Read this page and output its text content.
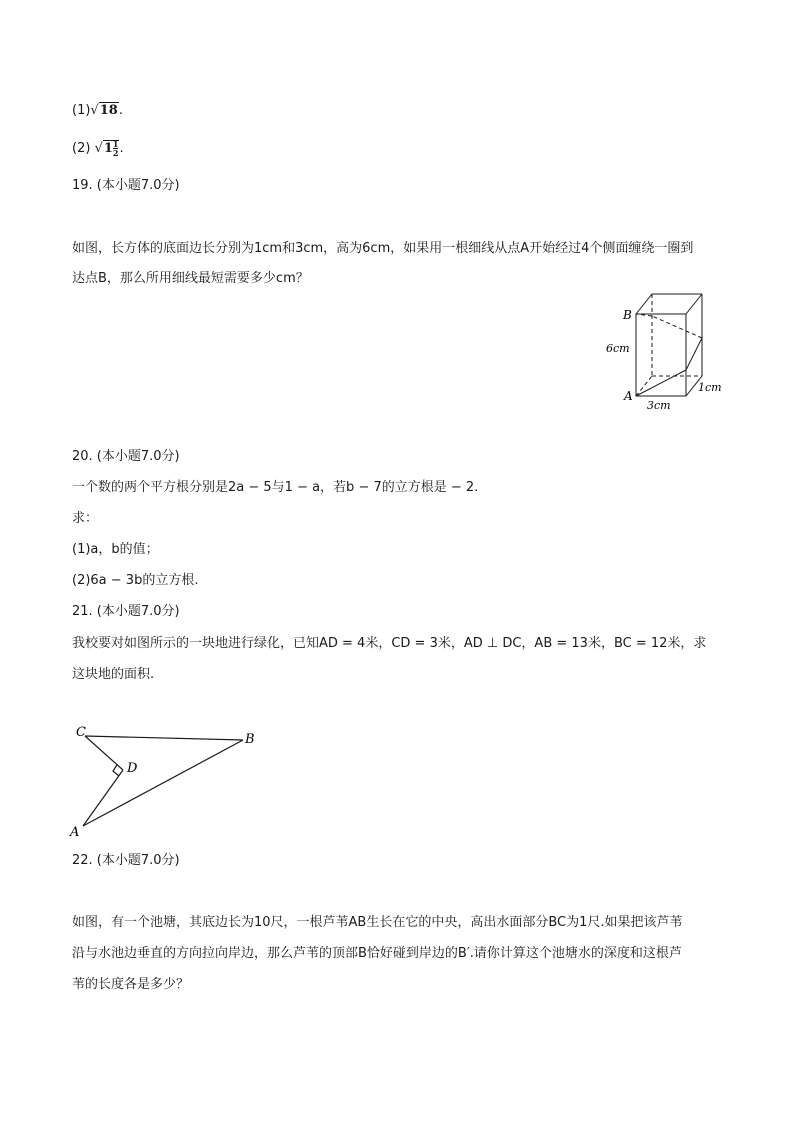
(1)√18.
(2) $√1 \frac{1}{2}$ .
19. (本小题7.0分)
如图，长方体的底面边长分别为1cm和3cm，高为6cm，如果用一根细线从点A开始经过4个侧面缠绕一圈到
达点B，那么所用细线最短需要多少cm？
B
A
6cm
1cm
3cm
20. (本小题7.0分)
一个数的两个平方根分别是2a − 5与1 − a，若b − 7的立方根是 − 2.
求：
(1)a，b的值；
(2)6a − 3b的立方根.
21. (本小题7.0分)
我校要对如图所示的一块地进行绿化，已知AD = 4米，CD = 3米，AD ⊥ DC，AB = 13米，BC = 12米，求
这块地的面积.
C	B
D
A
22. (本小题7.0分)
如图，有一个池塘，其底边长为10尺，一根芦苇AB生长在它的中央，高出水面部分BC为1尺.如果把该芦苇
沿与水池边垂直的方向拉向岸边，那么芦苇的顶部B恰好碰到岸边的B′.请你计算这个池塘水的深度和这根芦
苇的长度各是多少？
